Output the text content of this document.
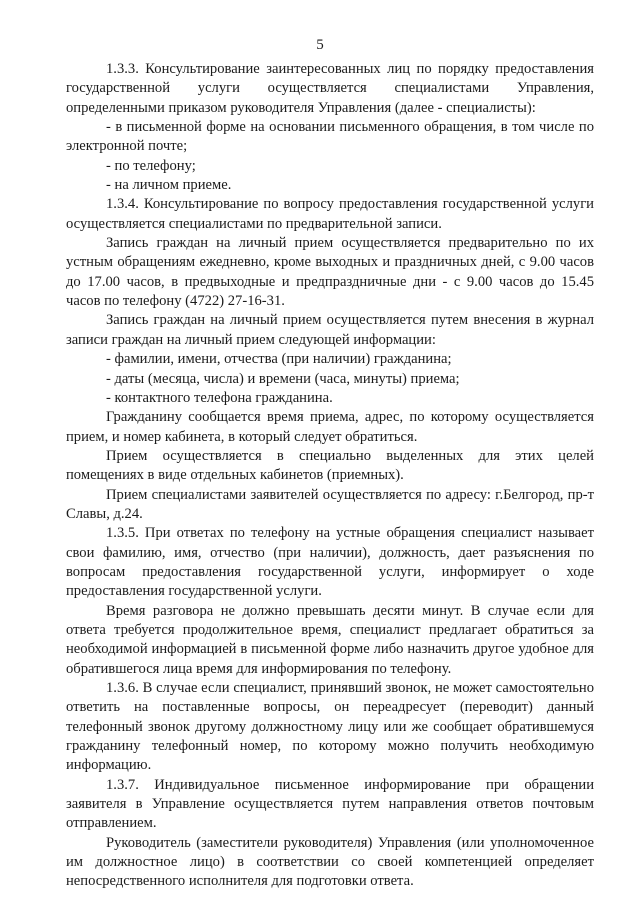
5

1.3.3. Консультирование заинтересованных лиц по порядку предоставления государственной услуги осуществляется специалистами Управления, определенными приказом руководителя Управления (далее - специалисты):

- в письменной форме на основании письменного обращения, в том числе по электронной почте;

- по телефону;

- на личном приеме.

1.3.4. Консультирование по вопросу предоставления государственной услуги осуществляется специалистами по предварительной записи.

Запись граждан на личный прием осуществляется предварительно по их устным обращениям ежедневно, кроме выходных и праздничных дней, с 9.00 часов до 17.00 часов, в предвыходные и предпраздничные дни - с 9.00 часов до 15.45 часов по телефону (4722) 27-16-31.

Запись граждан на личный прием осуществляется путем внесения в журнал записи граждан на личный прием следующей информации:

- фамилии, имени, отчества (при наличии) гражданина;

- даты (месяца, числа) и времени (часа, минуты) приема;

- контактного телефона гражданина.

Гражданину сообщается время приема, адрес, по которому осуществляется прием, и номер кабинета, в который следует обратиться.

Прием осуществляется в специально выделенных для этих целей помещениях в виде отдельных кабинетов (приемных).

Прием специалистами заявителей осуществляется по адресу: г.Белгород, пр-т Славы, д.24.

1.3.5. При ответах по телефону на устные обращения специалист называет свои фамилию, имя, отчество (при наличии), должность, дает разъяснения по вопросам предоставления государственной услуги, информирует о ходе предоставления государственной услуги.

Время разговора не должно превышать десяти минут. В случае если для ответа требуется продолжительное время, специалист предлагает обратиться за необходимой информацией в письменной форме либо назначить другое удобное для обратившегося лица время для информирования по телефону.

1.3.6. В случае если специалист, принявший звонок, не может самостоятельно ответить на поставленные вопросы, он переадресует (переводит) данный телефонный звонок другому должностному лицу или же сообщает обратившемуся гражданину телефонный номер, по которому можно получить необходимую информацию.

1.3.7. Индивидуальное письменное информирование при обращении заявителя в Управление осуществляется путем направления ответов почтовым отправлением.

Руководитель (заместители руководителя) Управления (или уполномоченное им должностное лицо) в соответствии со своей компетенцией определяет непосредственного исполнителя для подготовки ответа.
